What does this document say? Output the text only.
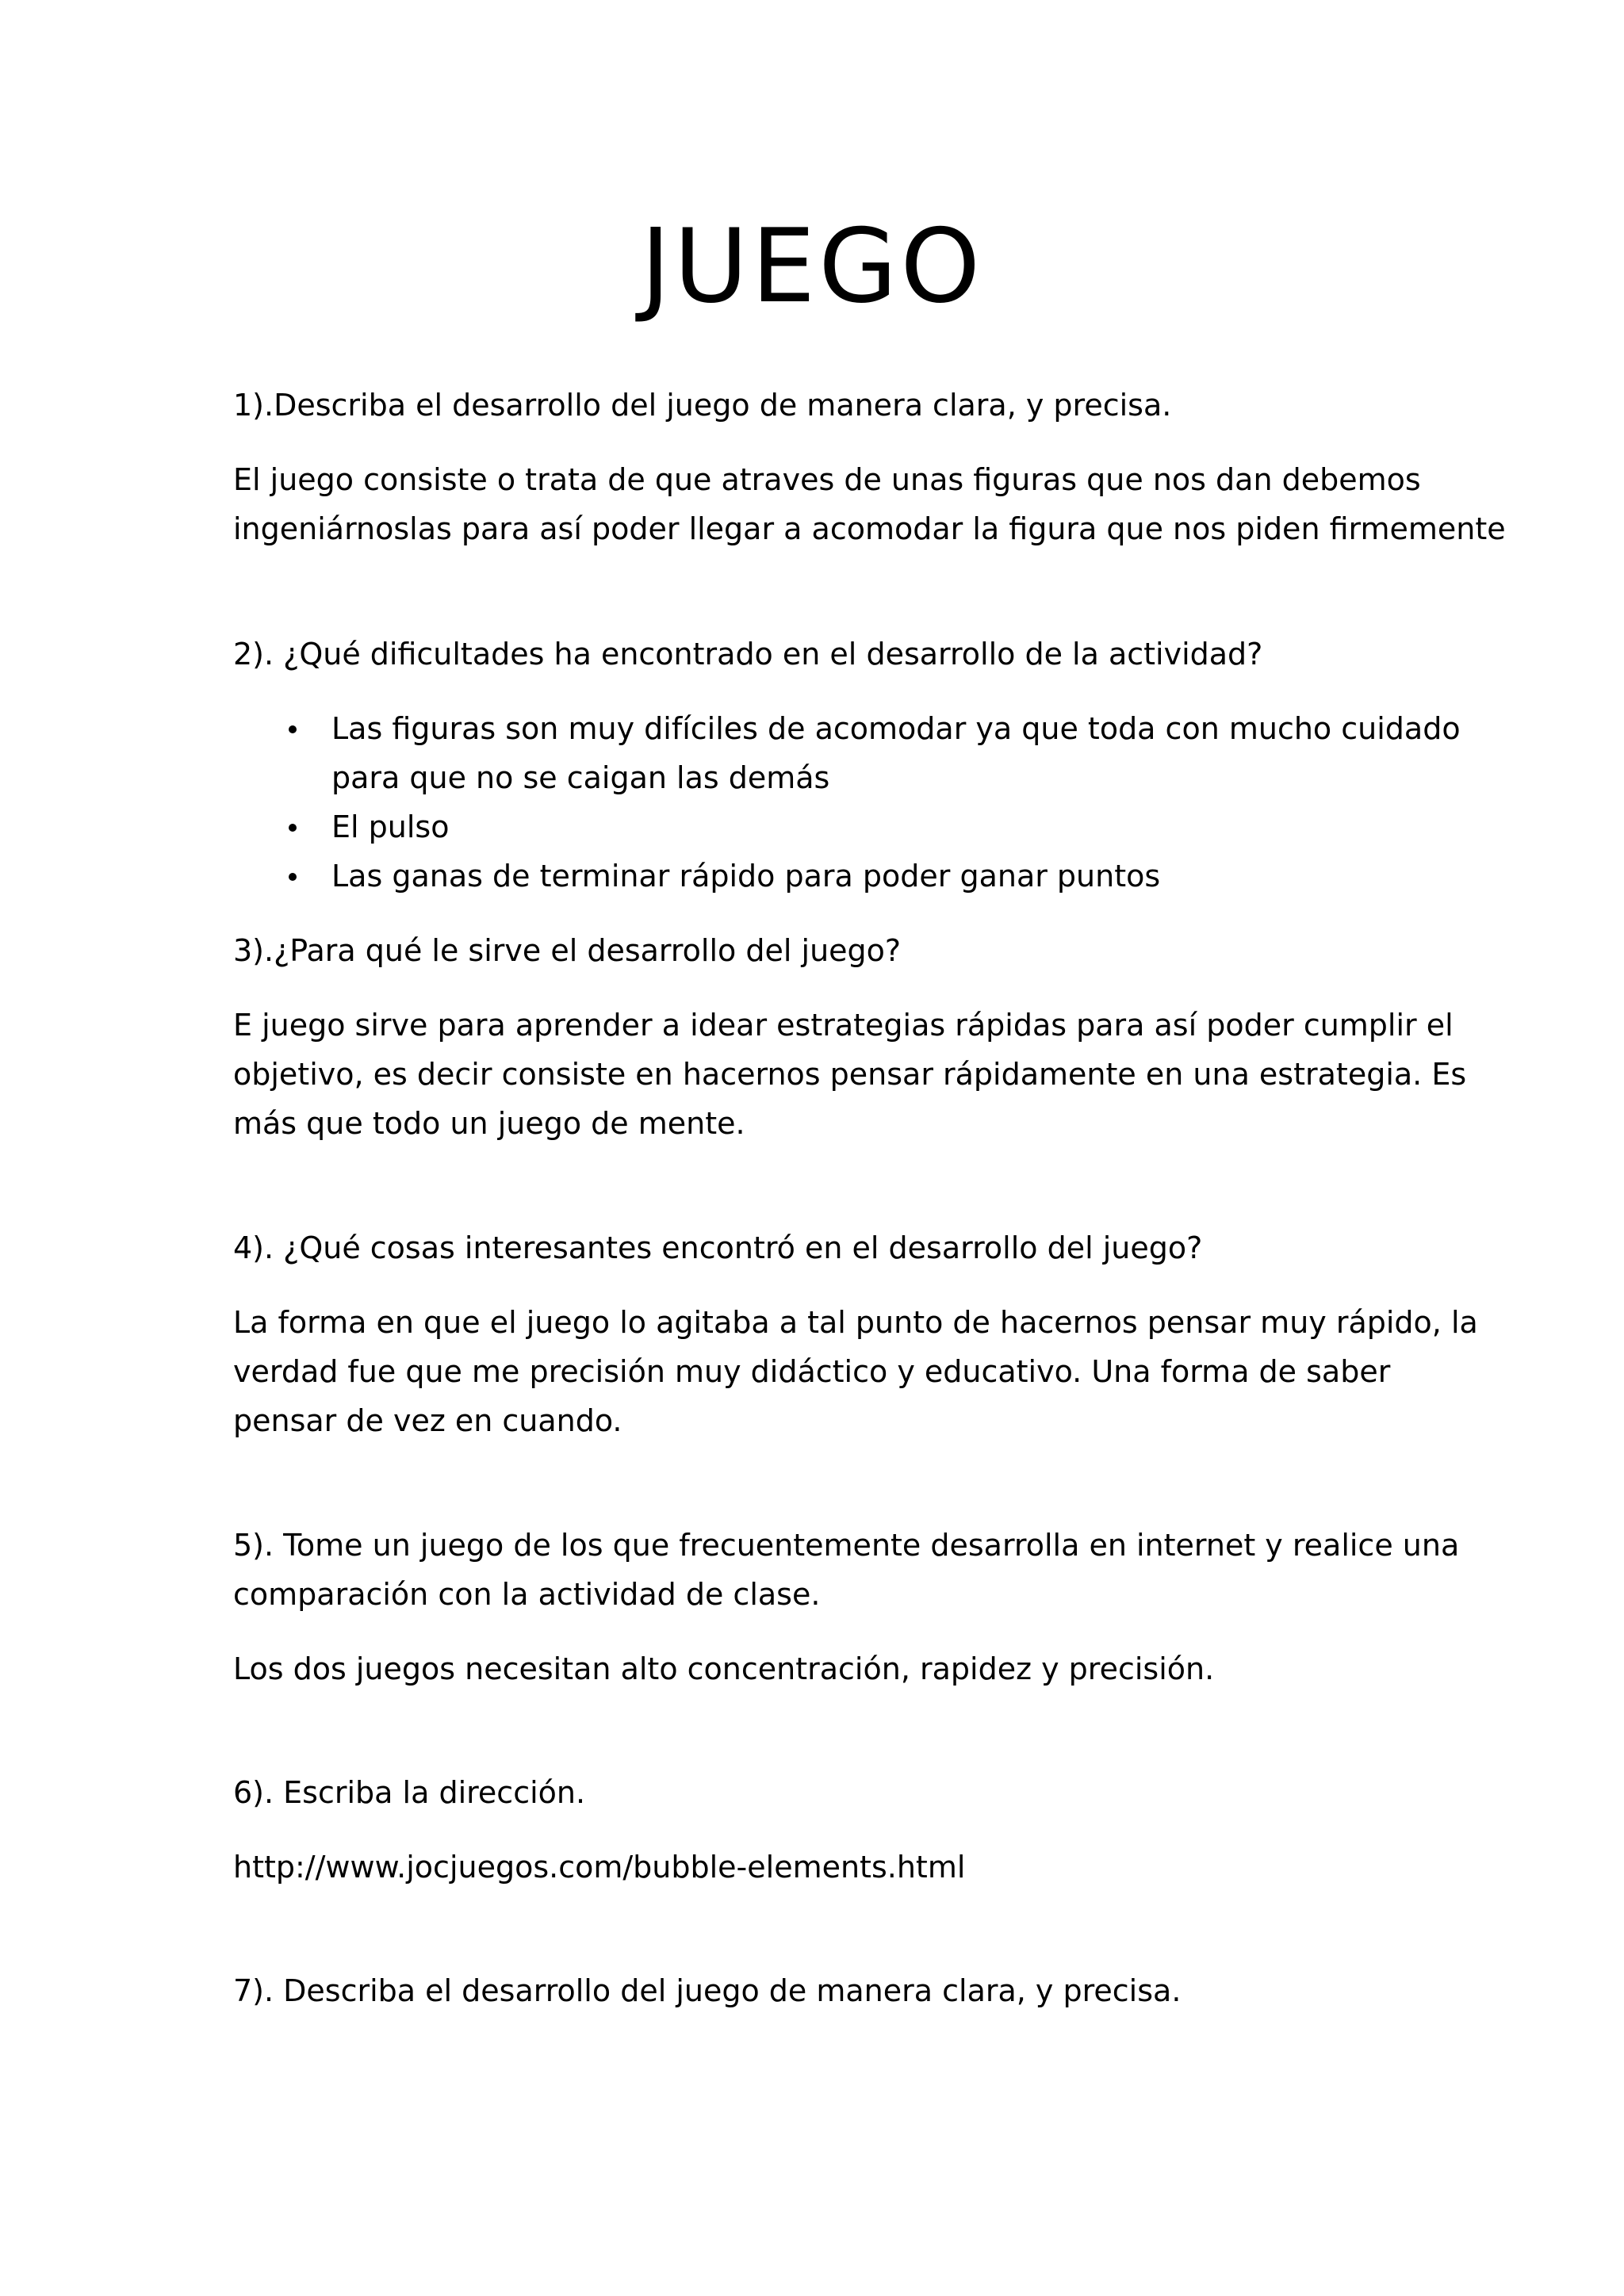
JUEGO

1).Describa el desarrollo del juego de manera clara, y precisa.

El juego consiste o trata de que atraves de unas figuras que nos dan debemos
ingeniárnoslas para así poder llegar a acomodar la figura que nos piden firmemente

2). ¿Qué dificultades ha encontrado en el desarrollo de la actividad?

Las figuras son muy difíciles de acomodar ya que toda con mucho cuidado
para que no se caigan las demás
El pulso
Las ganas de terminar rápido para poder ganar puntos

3).¿Para qué le sirve el desarrollo del juego?

E juego sirve para aprender a idear estrategias rápidas para así poder cumplir el
objetivo, es decir consiste en hacernos pensar rápidamente en una estrategia. Es
más que todo un juego de mente.

4). ¿Qué cosas interesantes encontró en el desarrollo del juego?

La forma en que el juego lo agitaba a tal punto de hacernos pensar muy rápido, la
verdad fue que me precisión muy didáctico y educativo. Una forma de saber
pensar de vez en cuando.

5). Tome un juego de los que frecuentemente desarrolla en internet y realice una
comparación con la actividad de clase.

Los dos juegos necesitan alto concentración, rapidez y precisión.

6). Escriba la dirección.

http://www.jocjuegos.com/bubble-elements.html

7). Describa el desarrollo del juego de manera clara, y precisa.
